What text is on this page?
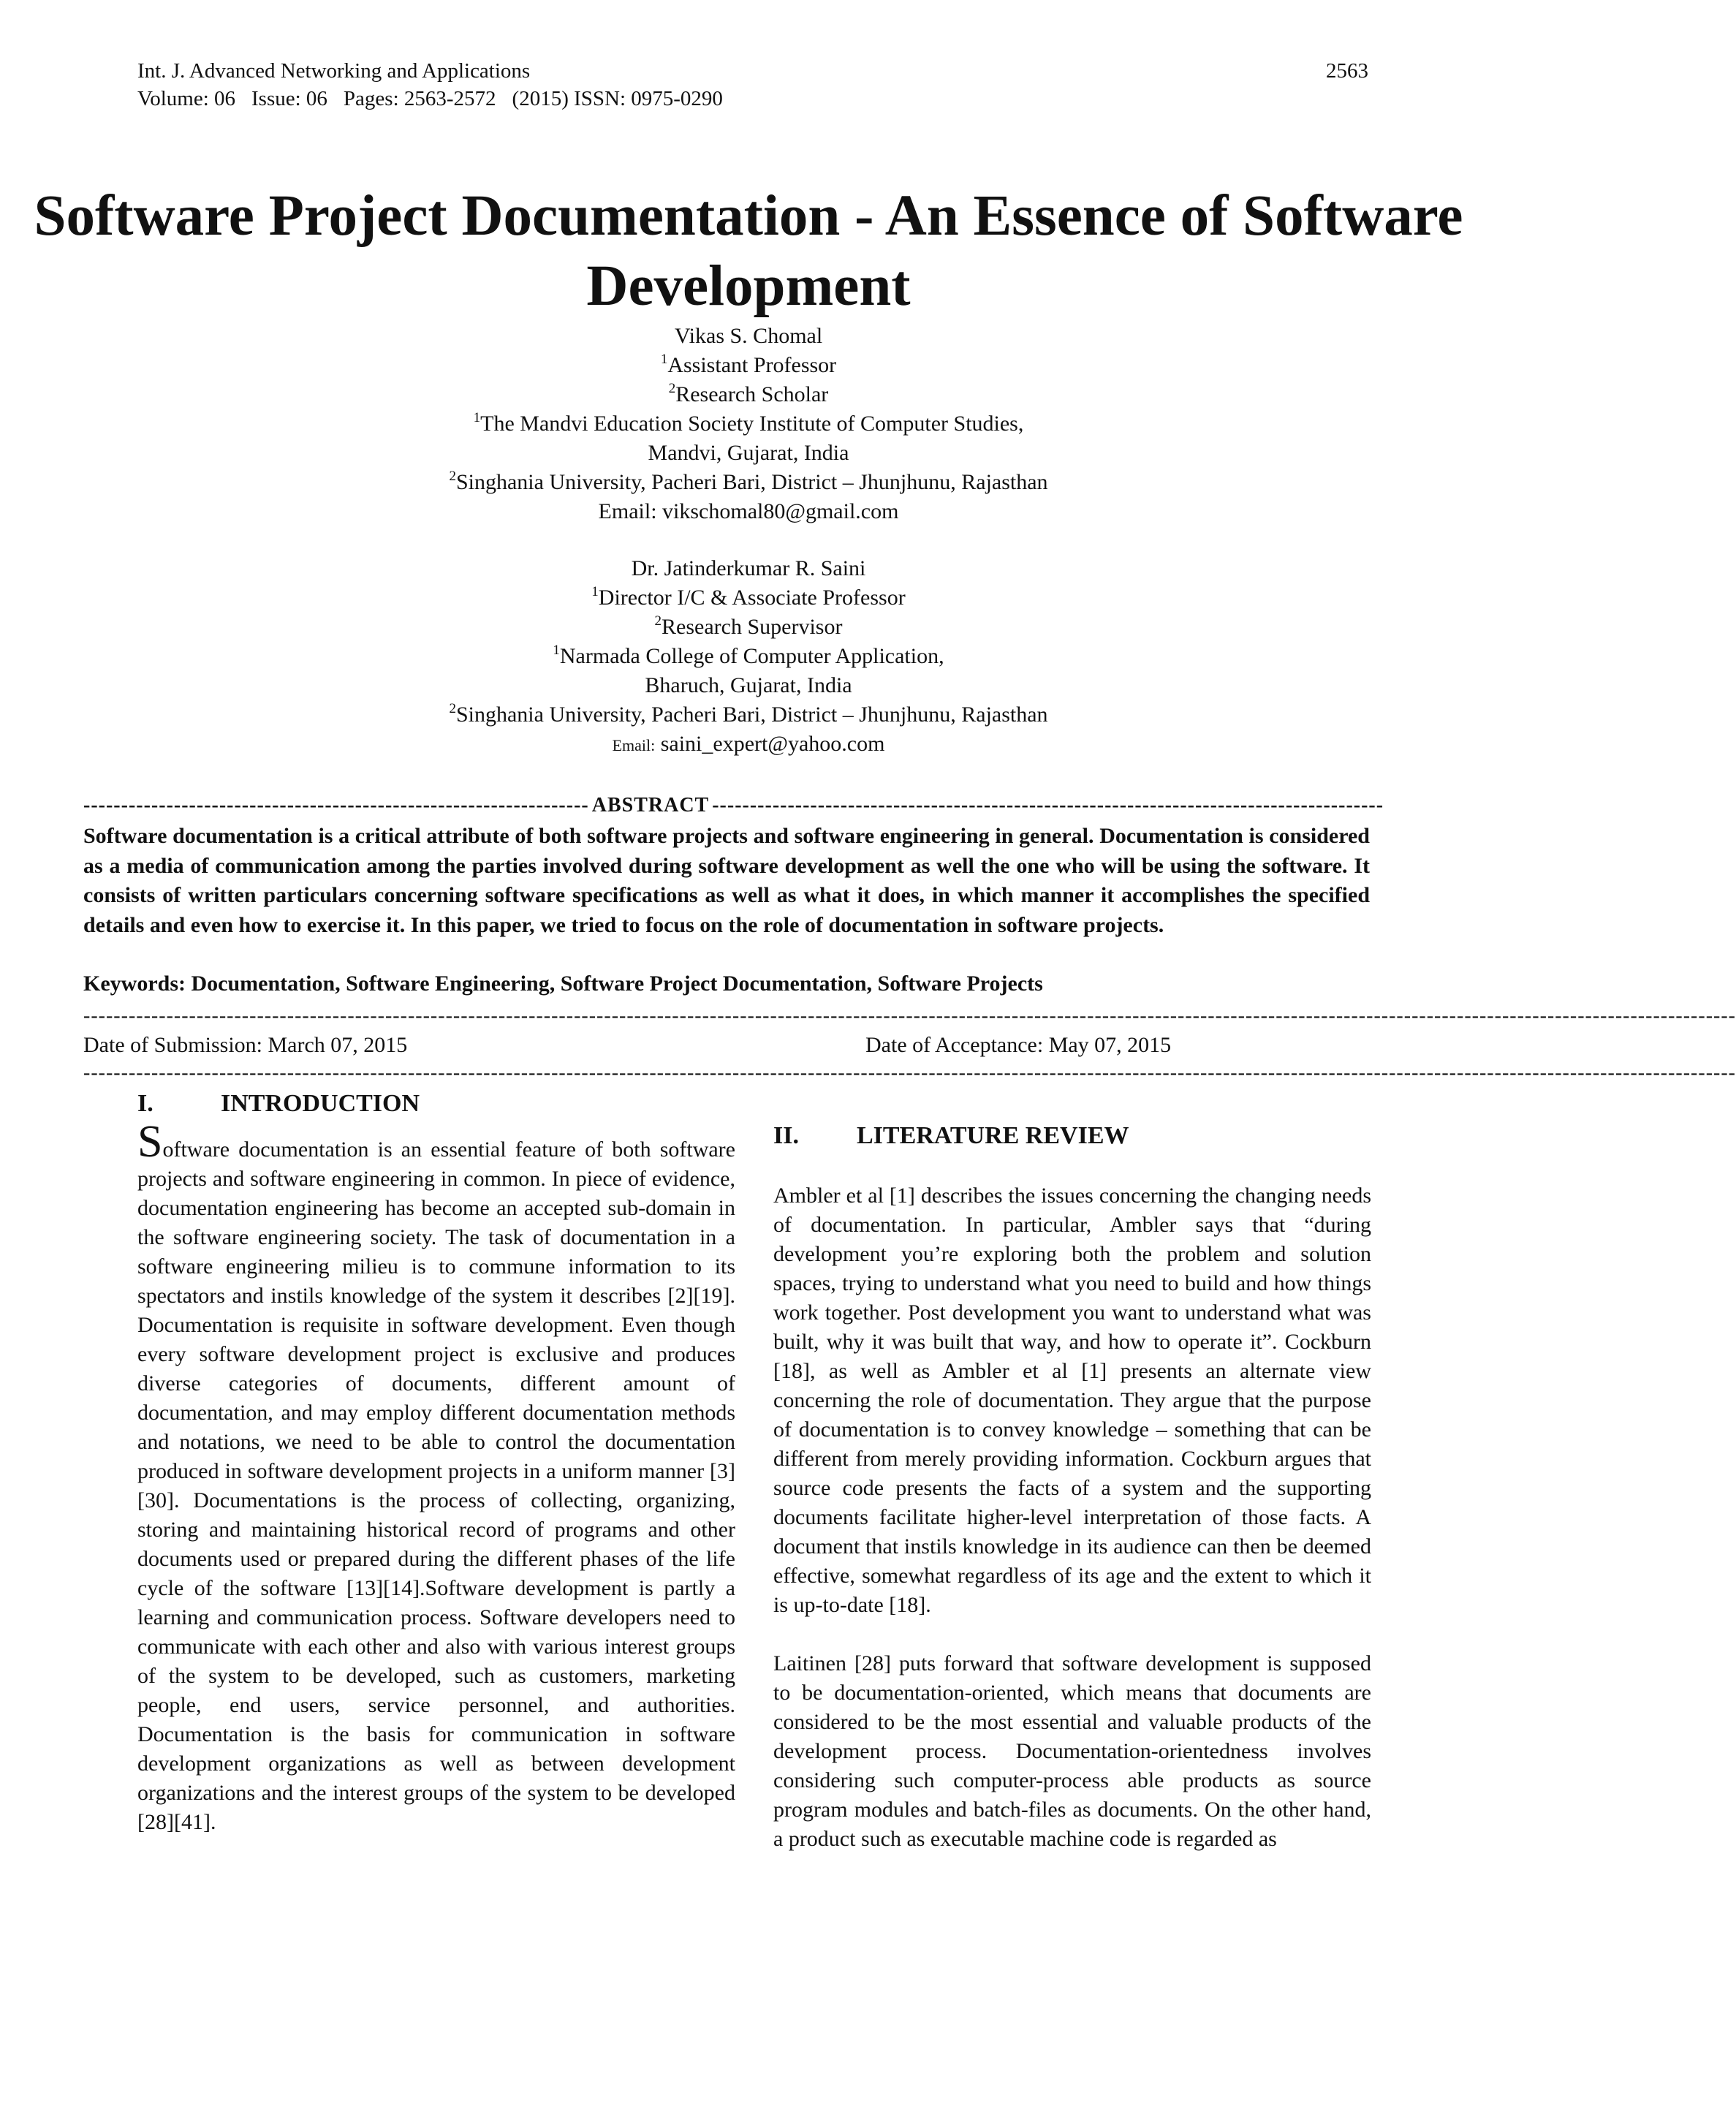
Int. J. Advanced Networking and Applications
Volume: 06 Issue: 06 Pages: 2563-2572 (2015) ISSN: 0975-0290
2563
Software Project Documentation - An Essence of Software Development
Vikas S. Chomal
$^1$Assistant Professor
$^2$Research Scholar
$^1$The Mandvi Education Society Institute of Computer Studies,
Mandvi, Gujarat, India
$^2$Singhania University, Pacheri Bari, District – Jhunjhunu, Rajasthan
Email: vikschomal80@gmail.com
Dr. Jatinderkumar R. Saini
$^1$Director I/C & Associate Professor
$^2$Research Supervisor
$^1$Narmada College of Computer Application,
Bharuch, Gujarat, India
$^2$Singhania University, Pacheri Bari, District – Jhunjhunu, Rajasthan
Email: saini_expert@yahoo.com
------------------------------------------------------------------- ABSTRACT -----------------------------------------------------------------------------------------
Software documentation is a critical attribute of both software projects and software engineering in general. Documentation is considered as a media of communication among the parties involved during software development as well the one who will be using the software. It consists of written particulars concerning software specifications as well as what it does, in which manner it accomplishes the specified details and even how to exercise it. In this paper, we tried to focus on the role of documentation in software projects.
Keywords: Documentation, Software Engineering, Software Project Documentation, Software Projects
---------------------------------------------------------------------------------------------------------------------------------------------------------------------------------------------------------------------------
Date of Submission: March 07, 2015	Date of Acceptance: May 07, 2015
---------------------------------------------------------------------------------------------------------------------------------------------------------------------------------------------------------------------------
I.	INTRODUCTION

Software documentation is an essential feature of both software projects and software engineering in common. In piece of evidence, documentation engineering has become an accepted sub-domain in the software engineering society. The task of documentation in a software engineering milieu is to commune information to its spectators and instils knowledge of the system it describes [2][19]. Documentation is requisite in software development. Even though every software development project is exclusive and produces diverse categories of documents, different amount of documentation, and may employ different documentation methods and notations, we need to be able to control the documentation produced in software development projects in a uniform manner [3][30]. Documentations is the process of collecting, organizing, storing and maintaining historical record of programs and other documents used or prepared during the different phases of the life cycle of the software [13][14].Software development is partly a learning and communication process. Software developers need to communicate with each other and also with various interest groups of the system to be developed, such as customers, marketing people, end users, service personnel, and authorities. Documentation is the basis for communication in software development organizations as well as between development organizations and the interest groups of the system to be developed [28][41].

II. LITERATURE REVIEW

Ambler et al [1] describes the issues concerning the changing needs of documentation. In particular, Ambler says that “during development you’re exploring both the problem and solution spaces, trying to understand what you need to build and how things work together. Post development you want to understand what was built, why it was built that way, and how to operate it”. Cockburn [18], as well as Ambler et al [1] presents an alternate view concerning the role of documentation. They argue that the purpose of documentation is to convey knowledge – something that can be different from merely providing information. Cockburn argues that source code presents the facts of a system and the supporting documents facilitate higher-level interpretation of those facts. A document that instils knowledge in its audience can then be deemed effective, somewhat regardless of its age and the extent to which it is up-to-date [18].

Laitinen [28] puts forward that software development is supposed to be documentation-oriented, which means that documents are considered to be the most essential and valuable products of the development process. Documentation-orientedness involves considering such computer-process able products as source program modules and batch-files as documents. On the other hand, a product such as executable machine code is regarded as
